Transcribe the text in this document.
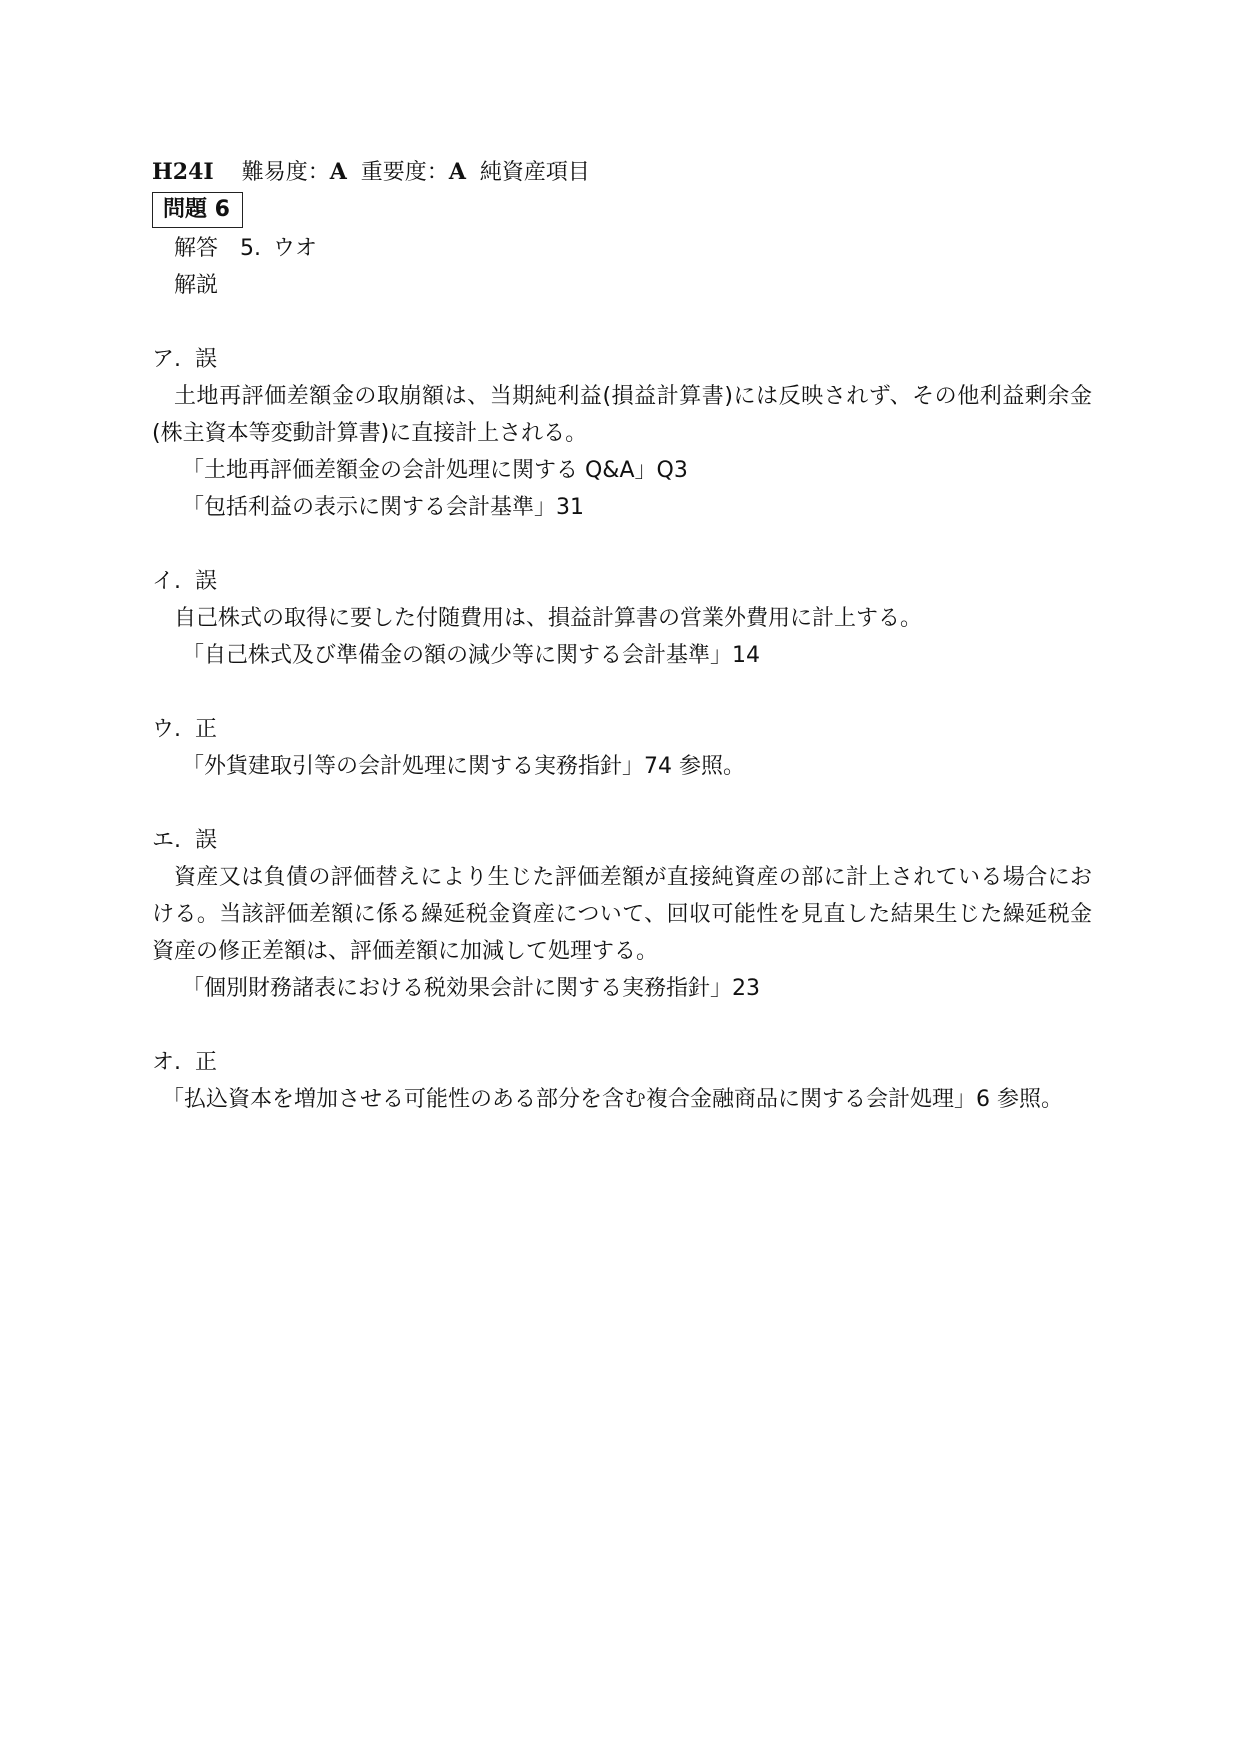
H24I 難易度：A 重要度：A 純資産項目
問題 6
解答 5. ウオ
解説
ア. 誤
土地再評価差額金の取崩額は、当期純利益(損益計算書)には反映されず、その他利益剰余金(株主資本等変動計算書)に直接計上される。
「土地再評価差額金の会計処理に関する Q&A」Q3
「包括利益の表示に関する会計基準」31
イ. 誤
自己株式の取得に要した付随費用は、損益計算書の営業外費用に計上する。
「自己株式及び準備金の額の減少等に関する会計基準」14
ウ. 正
「外貨建取引等の会計処理に関する実務指針」74 参照。
エ. 誤
資産又は負債の評価替えにより生じた評価差額が直接純資産の部に計上されている場合における。当該評価差額に係る繰延税金資産について、回収可能性を見直した結果生じた繰延税金資産の修正差額は、評価差額に加減して処理する。
「個別財務諸表における税効果会計に関する実務指針」23
オ. 正
「払込資本を増加させる可能性のある部分を含む複合金融商品に関する会計処理」6 参照。
